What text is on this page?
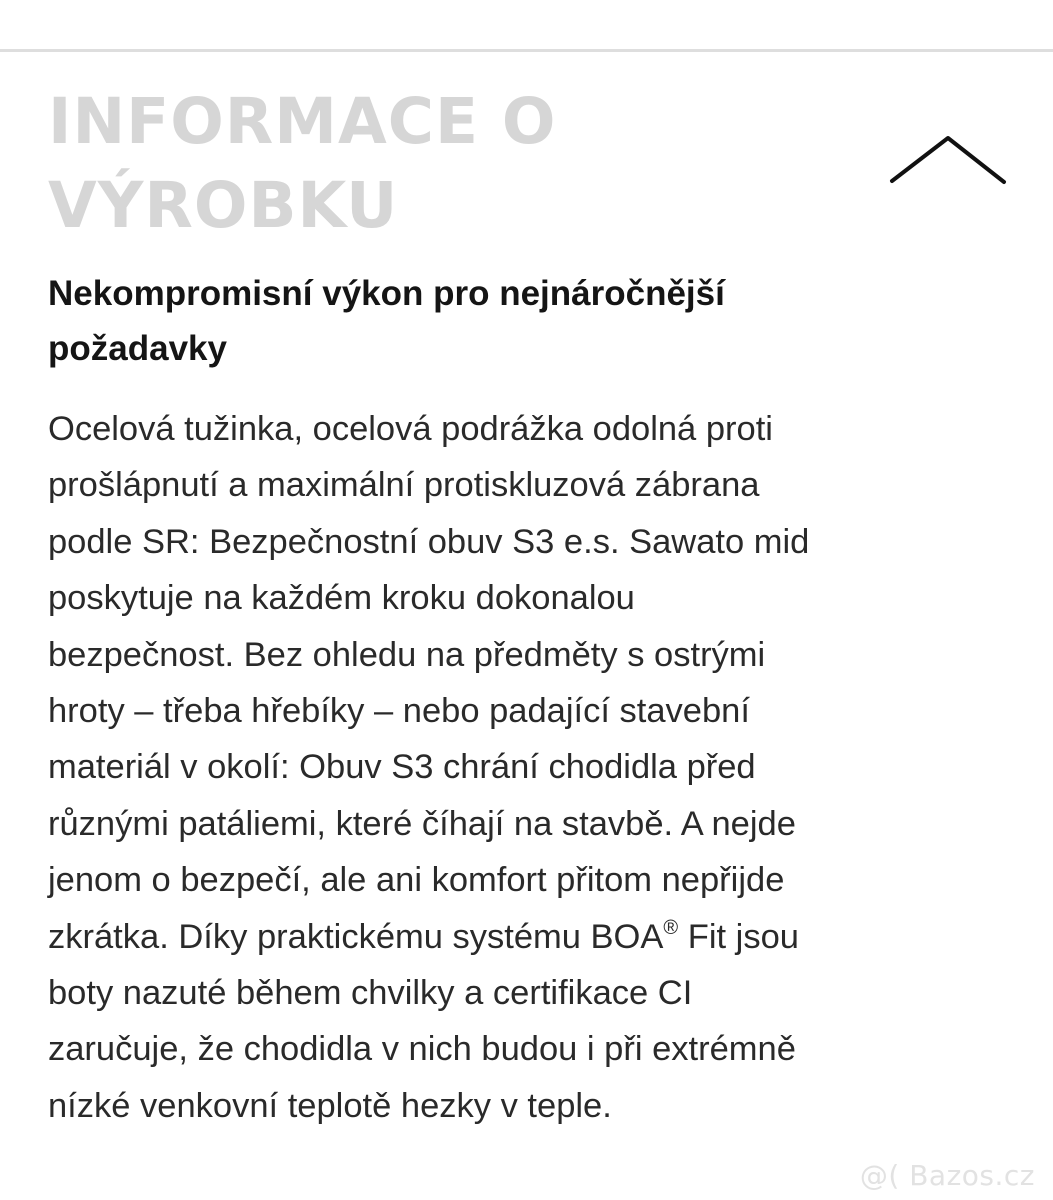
INFORMACE O
VÝROBKU
Nekompromisní výkon pro nejnáročnější
požadavky

Ocelová tužinka, ocelová podrážka odolná proti
prošlápnutí a maximální protiskluzová zábrana
podle SR: Bezpečnostní obuv S3 e.s. Sawato mid
poskytuje na každém kroku dokonalou
bezpečnost. Bez ohledu na předměty s ostrými
hroty – třeba hřebíky – nebo padající stavební
materiál v okolí: Obuv S3 chrání chodidla před
různými patáliemi, které číhají na stavbě. A nejde
jenom o bezpečí, ale ani komfort přitom nepřijde
zkrátka. Díky praktickému systému BOA® Fit jsou
boty nazuté během chvilky a certifikace CI
zaručuje, že chodidla v nich budou i při extrémně
nízké venkovní teplotě hezky v teple.

@( Bazos.cz
